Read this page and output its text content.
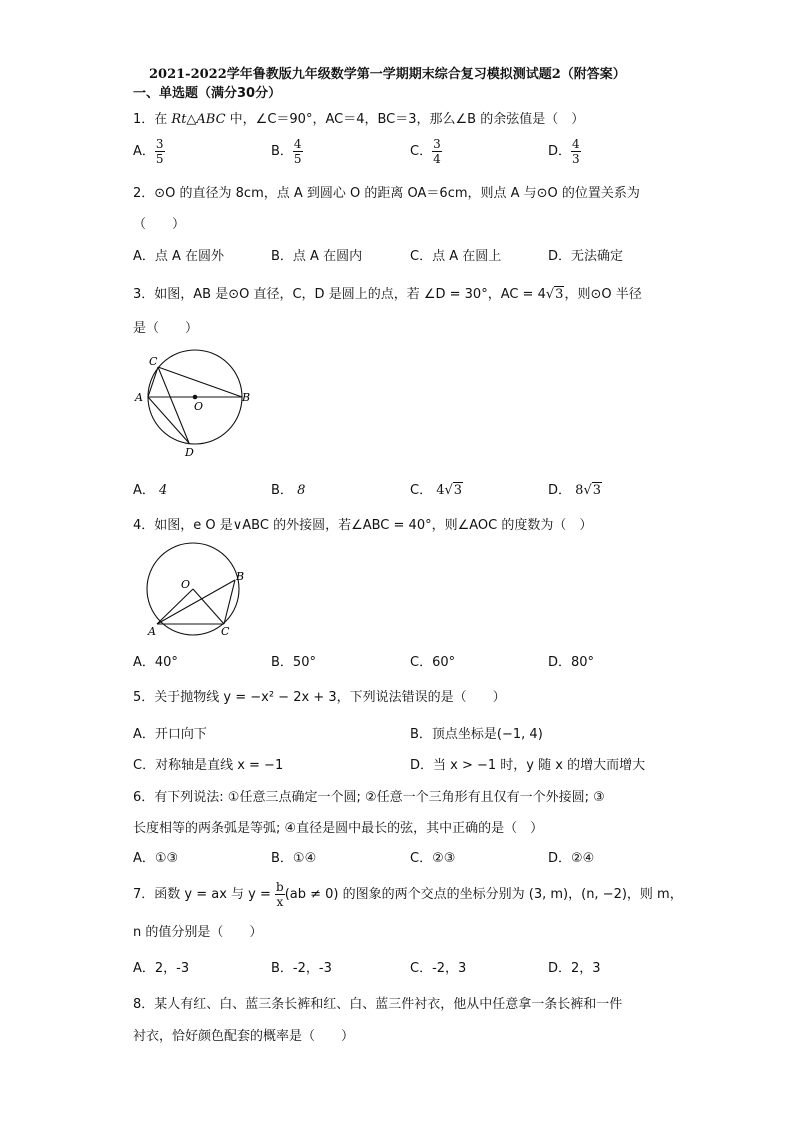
2021-2022学年鲁教版九年级数学第一学期期末综合复习模拟测试题2（附答案）
一、单选题（满分30分）
1．在 Rt△ABC 中，∠C＝90°，AC＝4，BC＝3，那么∠B 的余弦值是（　）
A． $\frac{3}{5}$	B． $\frac{4}{5}$	C． $\frac{3}{4}$	D． $\frac{4}{3}$
2．⊙O 的直径为 8cm，点 A 到圆心 O 的距离 OA＝6cm，则点 A 与⊙O 的位置关系为
（　　）
A．点 A 在圆外	B．点 A 在圆内	C．点 A 在圆上	D．无法确定
3．如图，AB 是⊙O 直径，C，D 是圆上的点，若 ∠D = 30°，AC = 4√3，则⊙O 半径
是（　　）
C
A
O
B
D
A． 4	B． 8	C． 4√3	D． 8√3
4．如图，e O 是∨ABC 的外接圆，若∠ABC = 40°，则∠AOC 的度数为（　）
O
B
A	C
A．40°	B．50°	C．60°	D．80°
5．关于抛物线 y = −x² − 2x + 3，下列说法错误的是（　　）
A．开口向下	B．顶点坐标是(−1, 4)
C．对称轴是直线 x = −1	D．当 x > −1 时，y 随 x 的增大而增大
6．有下列说法: ①任意三点确定一个圆; ②任意一个三角形有且仅有一个外接圆; ③
长度相等的两条弧是等弧; ④直径是圆中最长的弦，其中正确的是（　）
A．①③	B．①④	C．②③	D．②④
7．函数 y = ax 与 $y = \frac{b}{x} (ab \ne 0)$ 的图象的两个交点的坐标分别为 (3, m)，(n, −2)，则 m，
n 的值分别是（　　）
A．2，-3	B．-2，-3	C．-2，3	D．2，3
8．某人有红、白、蓝三条长裤和红、白、蓝三件衬衣，他从中任意拿一条长裤和一件
衬衣，恰好颜色配套的概率是（　　）
